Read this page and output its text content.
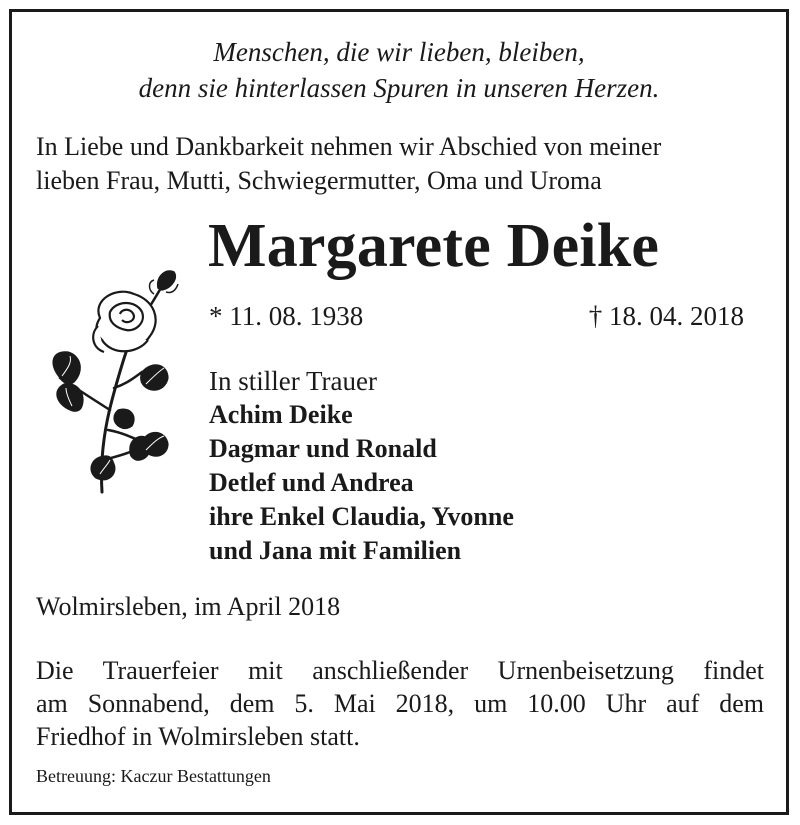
Menschen, die wir lieben, bleiben,
denn sie hinterlassen Spuren in unseren Herzen.
In Liebe und Dankbarkeit nehmen wir Abschied von meiner
lieben Frau, Mutti, Schwiegermutter, Oma und Uroma
Margarete Deike
* 11. 08. 1938	† 18. 04. 2018
In stiller Trauer
Achim Deike
Dagmar und Ronald
Detlef und Andrea
ihre Enkel Claudia, Yvonne
und Jana mit Familien
Wolmirsleben, im April 2018
Die Trauerfeier mit anschließender Urnenbeisetzung findet
am Sonnabend, dem 5. Mai 2018, um 10.00 Uhr auf dem
Friedhof in Wolmirsleben statt.
Betreuung: Kaczur Bestattungen
